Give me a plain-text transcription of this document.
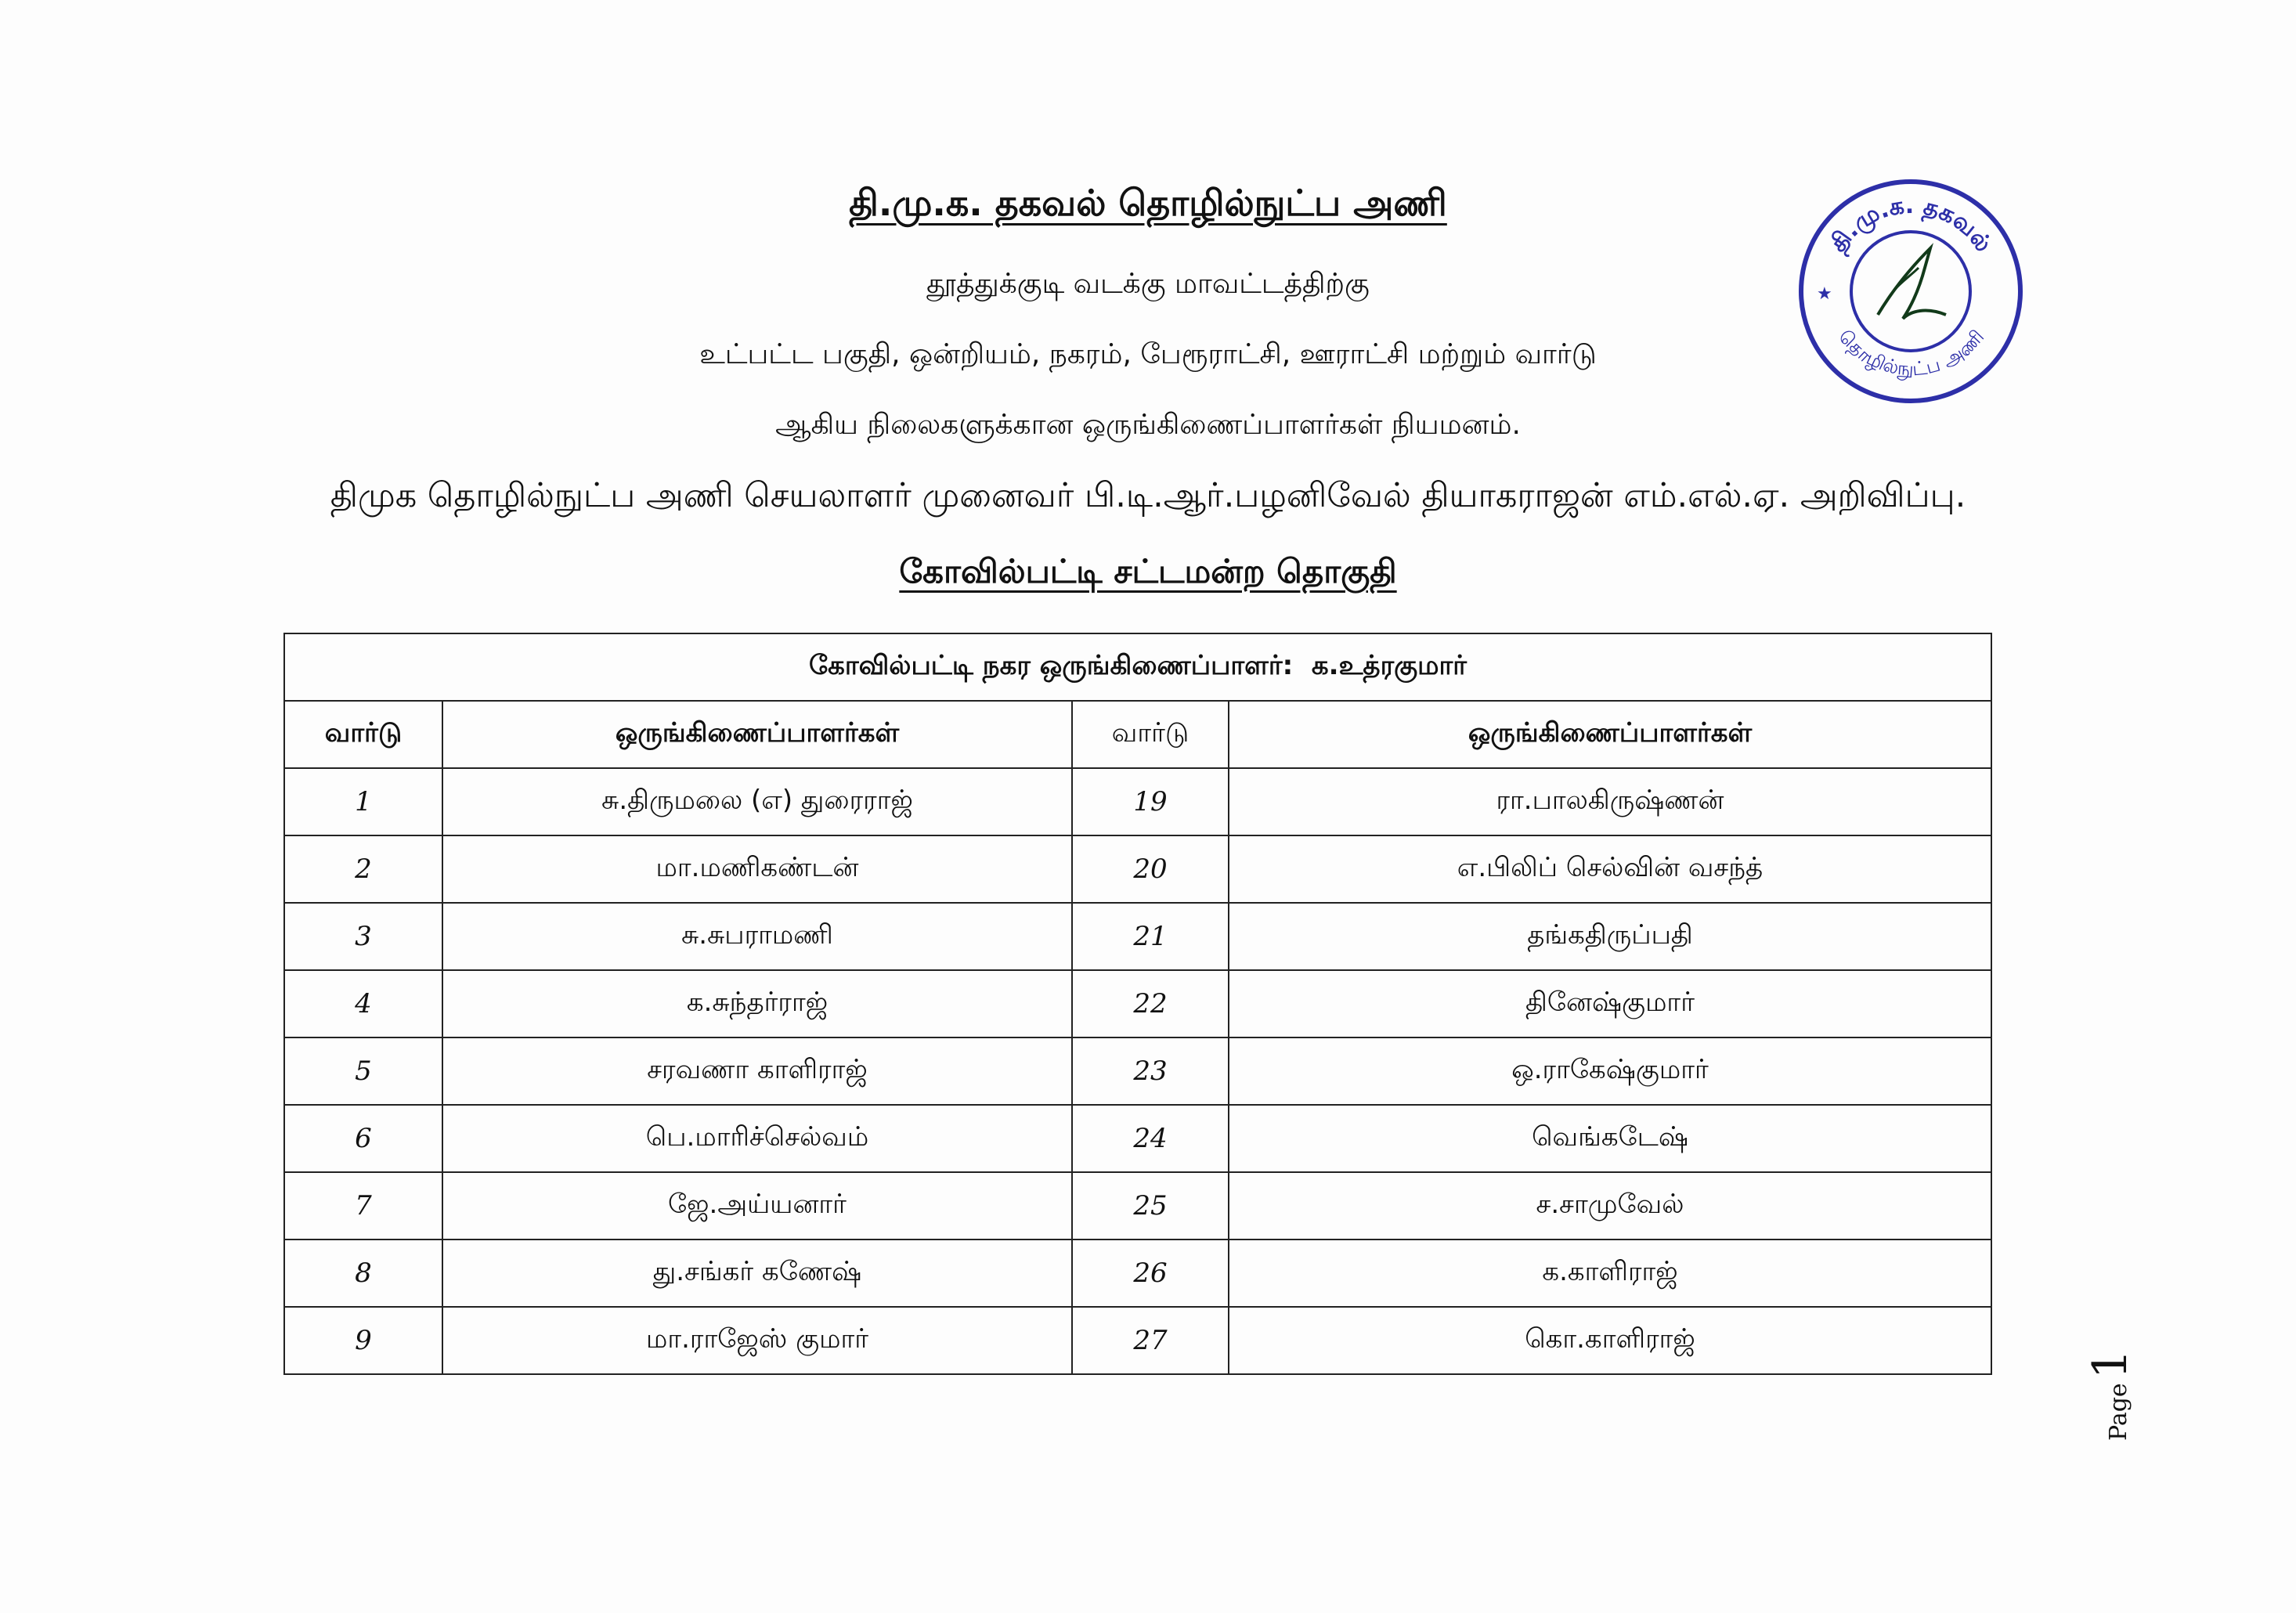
தி.மு.க. தகவல் தொழில்நுட்ப அணி
தூத்துக்குடி வடக்கு மாவட்டத்திற்கு
உட்பட்ட பகுதி, ஒன்றியம், நகரம், பேரூராட்சி, ஊராட்சி மற்றும் வார்டு
ஆகிய நிலைகளுக்கான ஒருங்கிணைப்பாளர்கள் நியமனம்.
திமுக தொழில்நுட்ப அணி செயலாளர் முனைவர் பி.டி.ஆர்.பழனிவேல் தியாகராஜன் எம்.எல்.ஏ. அறிவிப்பு.
கோவில்பட்டி சட்டமன்ற தொகுதி
தி.மு.க. தகவல்
தொழில்நுட்ப அணி
★
கோவில்பட்டி நகர ஒருங்கிணைப்பாளர்: க.உத்ரகுமார்			
வார்டு	ஒருங்கிணைப்பாளர்கள்	வார்டு	ஒருங்கிணைப்பாளர்கள்
1	சு.திருமலை (எ) துரைராஜ்	19	ரா.பாலகிருஷ்ணன்
2	மா.மணிகண்டன்	20	எ.பிலிப் செல்வின் வசந்த்
3	சு.சுபராமணி	21	தங்கதிருப்பதி
4	க.சுந்தர்ராஜ்	22	தினேஷ்குமார்
5	சரவணா காளிராஜ்	23	ஒ.ராகேஷ்குமார்
6	பெ.மாரிச்செல்வம்	24	வெங்கடேஷ்
7	ஜே.அய்யனார்	25	ச.சாமுவேல்
8	து.சங்கர் கணேஷ்	26	க.காளிராஜ்
9	மா.ராஜேஸ் குமார்	27	கொ.காளிராஜ்
Page 1
